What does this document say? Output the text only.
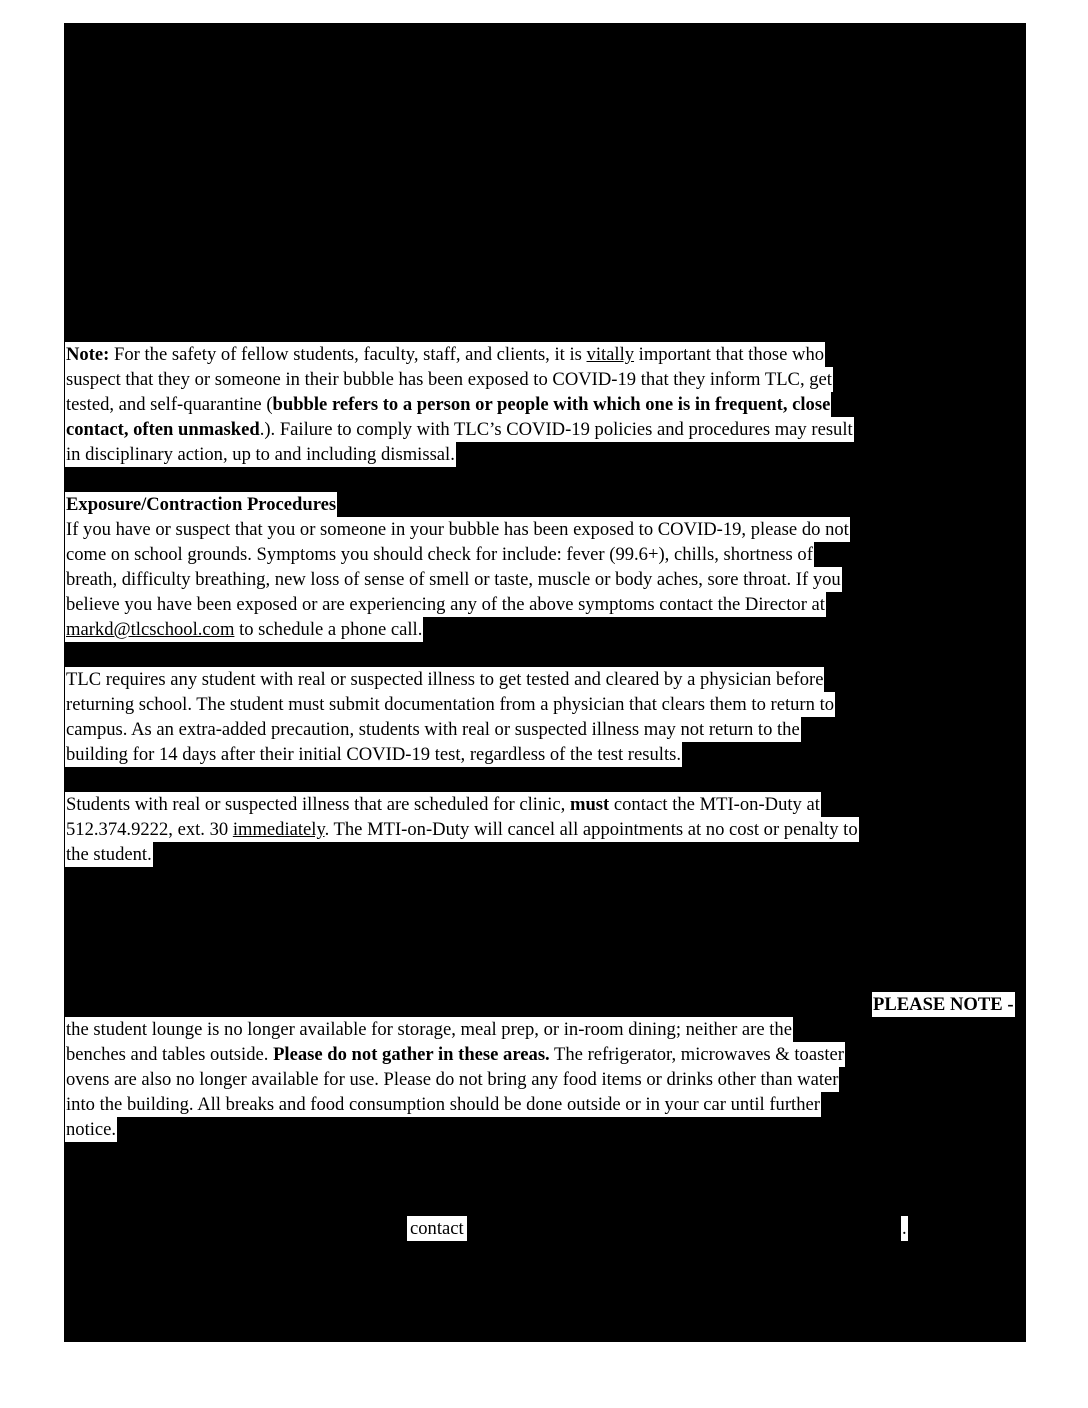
Note: For the safety of fellow students, faculty, staff, and clients, it is vitally important that those who
suspect that they or someone in their bubble has been exposed to COVID-19 that they inform TLC, get
tested, and self-quarantine (bubble refers to a person or people with which one is in frequent, close
contact, often unmasked.). Failure to comply with TLC’s COVID-19 policies and procedures may result
in disciplinary action, up to and including dismissal.
Exposure/Contraction Procedures
If you have or suspect that you or someone in your bubble has been exposed to COVID-19, please do not
come on school grounds. Symptoms you should check for include: fever (99.6+), chills, shortness of
breath, difficulty breathing, new loss of sense of smell or taste, muscle or body aches, sore throat. If you
believe you have been exposed or are experiencing any of the above symptoms contact the Director at
markd@tlcschool.com to schedule a phone call.
TLC requires any student with real or suspected illness to get tested and cleared by a physician before
returning school. The student must submit documentation from a physician that clears them to return to
campus. As an extra-added precaution, students with real or suspected illness may not return to the
building for 14 days after their initial COVID-19 test, regardless of the test results.
Students with real or suspected illness that are scheduled for clinic, must contact the MTI-on-Duty at
512.374.9222, ext. 30 immediately. The MTI-on-Duty will cancel all appointments at no cost or penalty to
the student.
PLEASE NOTE -
the student lounge is no longer available for storage, meal prep, or in-room dining; neither are the
benches and tables outside. Please do not gather in these areas. The refrigerator, microwaves & toaster
ovens are also no longer available for use. Please do not bring any food items or drinks other than water
into the building. All breaks and food consumption should be done outside or in your car until further
notice.
contact	.
